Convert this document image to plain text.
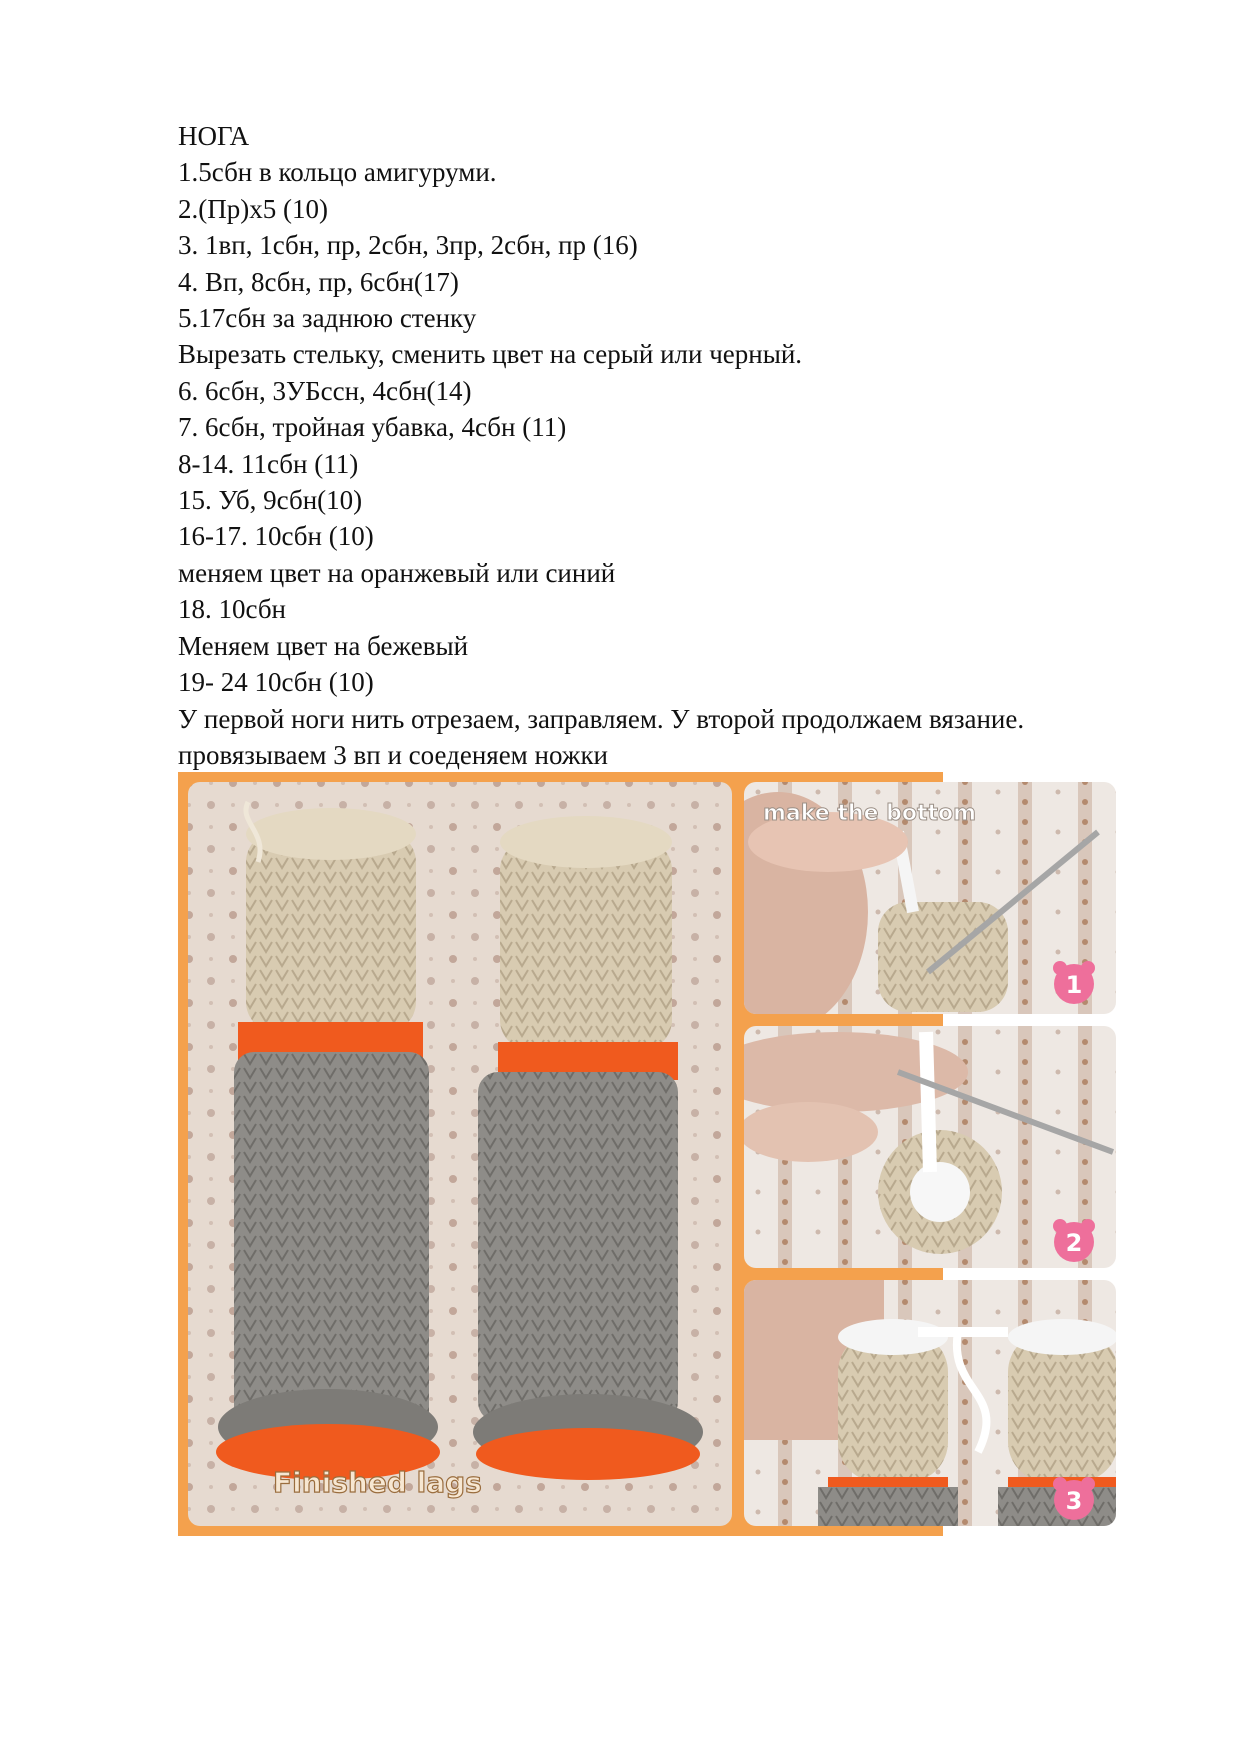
НОГА
1.5сбн в кольцо амигуруми.
2.(Пр)х5 (10)
3. 1вп, 1сбн, пр, 2сбн, 3пр, 2сбн, пр (16)
4. Вп, 8сбн, пр, 6сбн(17)
5.17сбн за заднюю стенку
Вырезать стельку, сменить цвет на серый или черный.
6. 6сбн, 3УБссн, 4сбн(14)
7. 6сбн, тройная убавка, 4сбн (11)
8-14. 11сбн (11)
15. Уб, 9сбн(10)
16-17. 10сбн (10)
меняем цвет на оранжевый или синий
18. 10сбн
Меняем цвет на бежевый
19- 24 10сбн (10)
У первой ноги нить отрезаем, заправляем. У второй продолжаем вязание.
провязываем 3 вп и соеденяем ножки
Finished lags
make the bottom
1
2
3
